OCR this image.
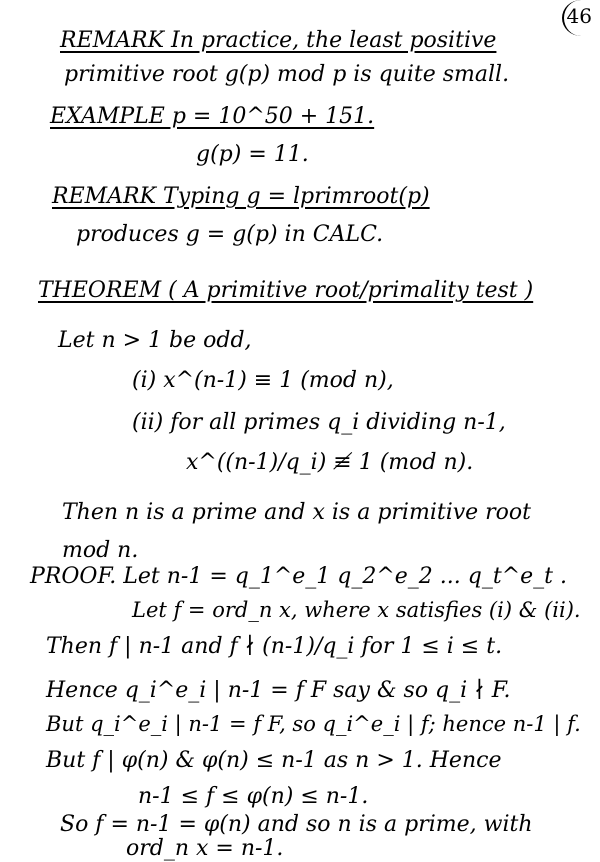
46
REMARK In practice, the least positive
primitive root g(p) mod p is quite small.
EXAMPLE p = 10^50 + 151.
g(p) = 11.
REMARK Typing g = lprimroot(p)
produces g = g(p) in CALC.
THEOREM ( A primitive root/primality test )
Let n > 1 be odd,
(i) x^(n-1) ≡ 1 (mod n),
(ii) for all primes q_i dividing n-1,
x^((n-1)/q_i) ≢ 1 (mod n).
Then n is a prime and x is a primitive root
mod n.
PROOF. Let n-1 = q_1^e_1 q_2^e_2 ... q_t^e_t .
Let f = ord_n x, where x satisfies (i) & (ii).
Then f | n-1 and f ∤ (n-1)/q_i for 1 ≤ i ≤ t.
Hence q_i^e_i | n-1 = f F say & so q_i ∤ F.
But q_i^e_i | n-1 = f F, so q_i^e_i | f; hence n-1 | f.
But f | φ(n) & φ(n) ≤ n-1 as n > 1. Hence
n-1 ≤ f ≤ φ(n) ≤ n-1.
So f = n-1 = φ(n) and so n is a prime, with
ord_n x = n-1.
